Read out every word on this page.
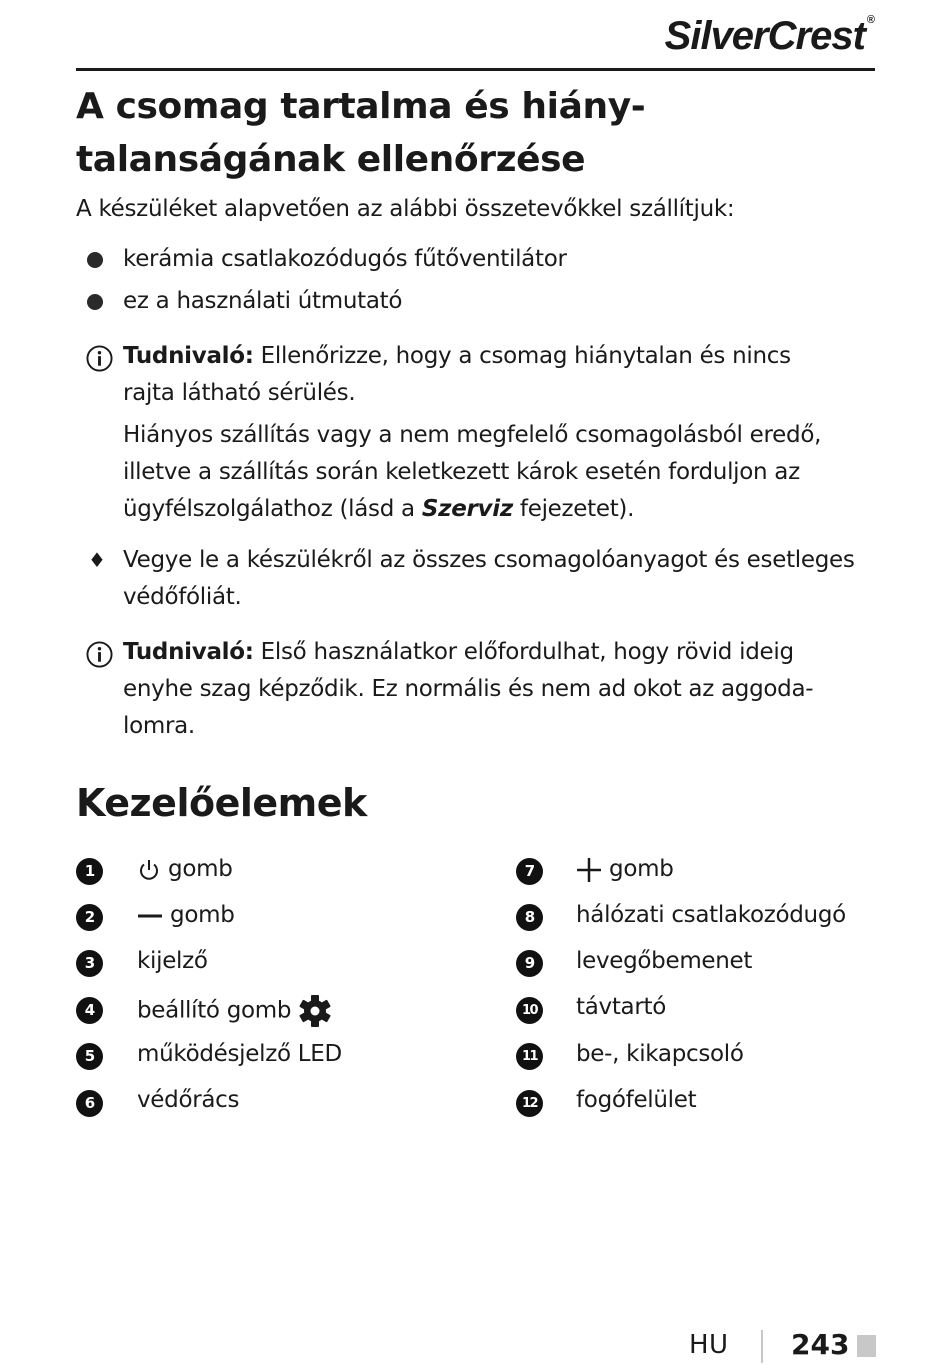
SilverCrest ®
A csomag tartalma és hiány-
talanságának ellenőrzése
A készüléket alapvetően az alábbi összetevőkkel szállítjuk:
kerámia csatlakozódugós fűtőventilátor
ez a használati útmutató
Tudnivaló: Ellenőrizze, hogy a csomag hiánytalan és nincs
rajta látható sérülés.
Hiányos szállítás vagy a nem megfelelő csomagolásból eredő,
illetve a szállítás során keletkezett károk esetén forduljon az
ügyfélszolgálathoz (lásd a Szerviz fejezetet).
♦ Vegye le a készülékről az összes csomagolóanyagot és esetleges
védőfóliát.
Tudnivaló: Első használatkor előfordulhat, hogy rövid ideig
enyhe szag képződik. Ez normális és nem ad okot az aggoda-
lomra.
Kezelőelemek
1	gomb
2	gomb
3	kijelző
4	beállító gomb
5	működésjelző LED
6	védőrács
7	gomb
8	hálózati csatlakozódugó
9	levegőbemenet
10 távtartó
11 be-, kikapcsoló
12 fogófelület
HU 243
